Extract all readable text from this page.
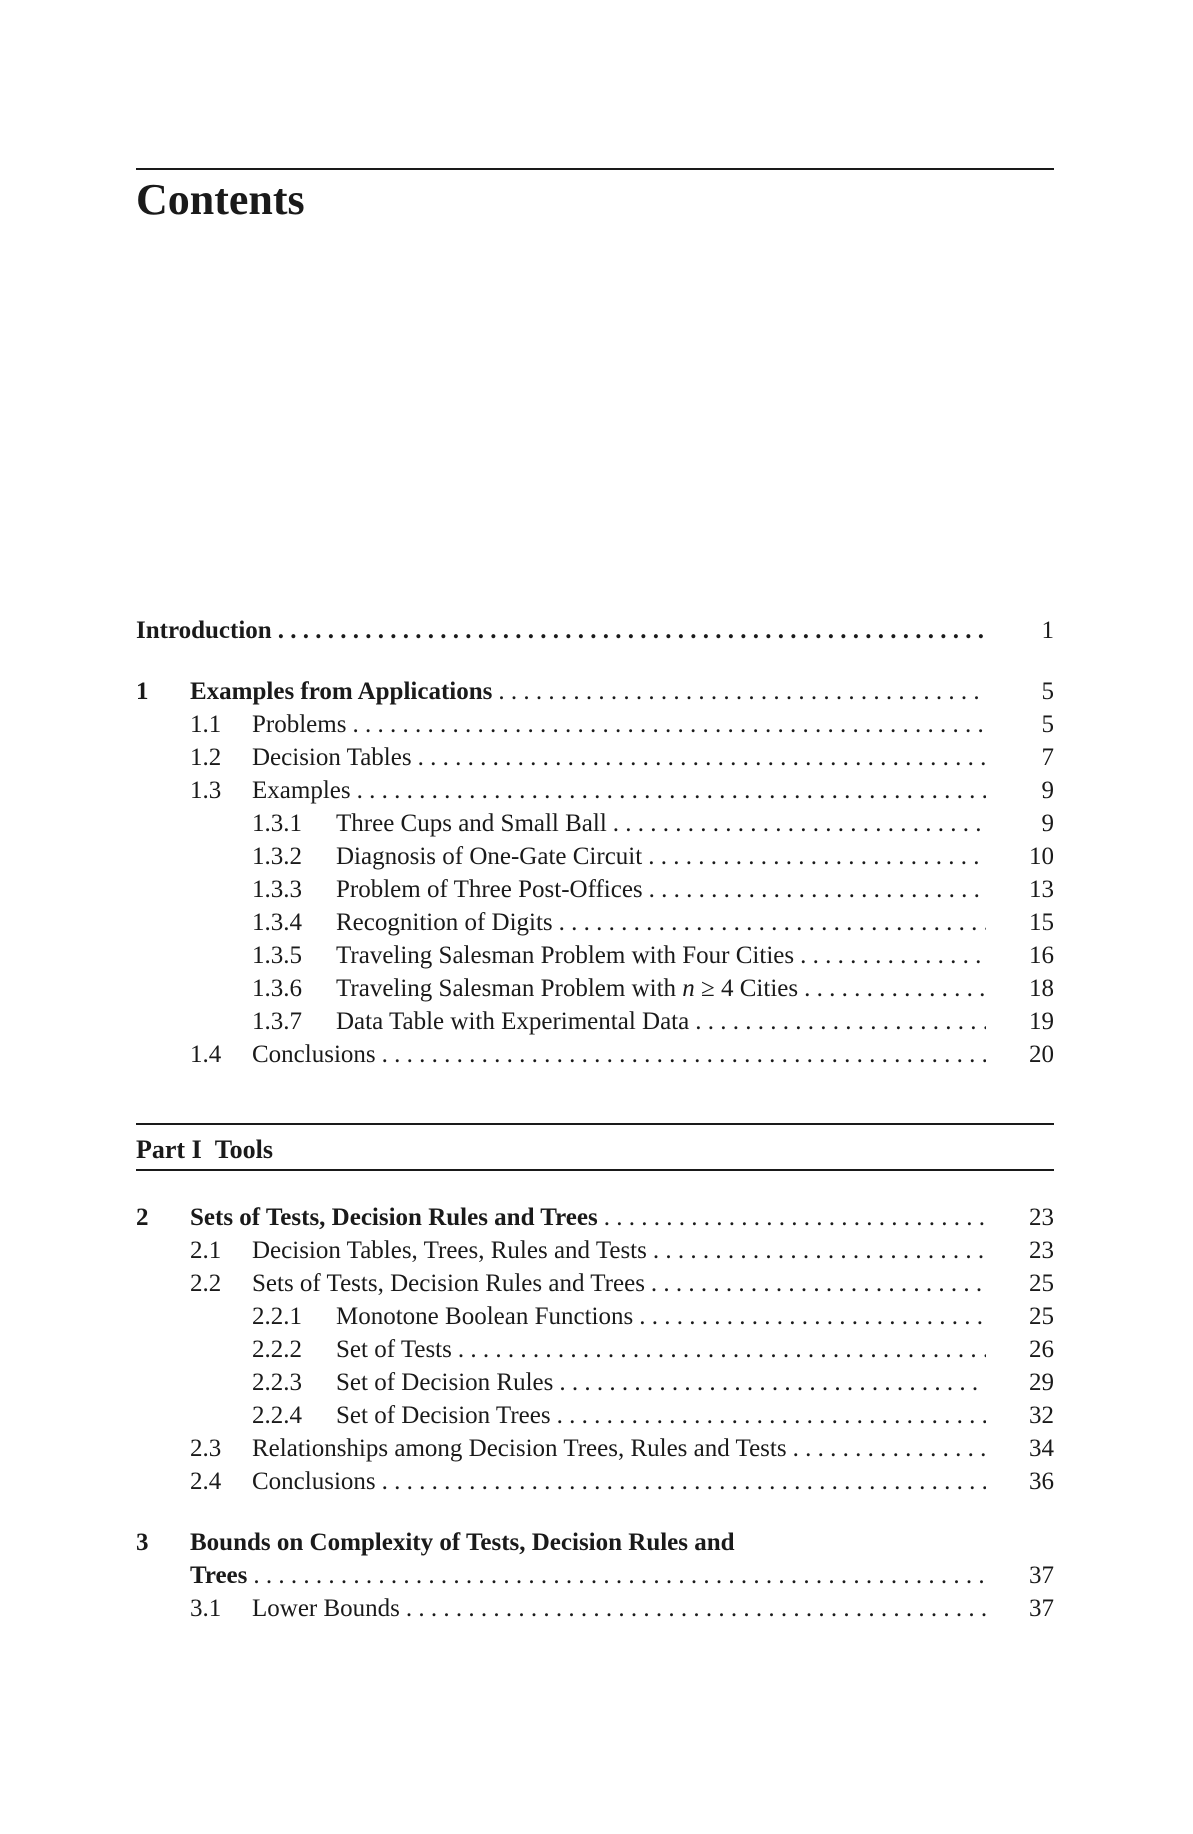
Contents
Introduction . . .	1
1 Examples from Applications . . .	5
1.1 Problems . . .	5
1.2 Decision Tables . . .	7
1.3 Examples . . .	9
1.3.1 Three Cups and Small Ball . . .	9
1.3.2 Diagnosis of One-Gate Circuit . . .	10
1.3.3 Problem of Three Post-Offices . . .	13
1.3.4 Recognition of Digits . . .	15
1.3.5 Traveling Salesman Problem with Four Cities . . .	16
1.3.6 Traveling Salesman Problem with n ≥ 4 Cities . . .	18
1.3.7 Data Table with Experimental Data . . .	19
1.4 Conclusions . . .	20
Part I Tools
2 Sets of Tests, Decision Rules and Trees . . .	23
2.1 Decision Tables, Trees, Rules and Tests . . .	23
2.2 Sets of Tests, Decision Rules and Trees . . .	25
2.2.1 Monotone Boolean Functions . . .	25
2.2.2 Set of Tests . . .	26
2.2.3 Set of Decision Rules . . .	29
2.2.4 Set of Decision Trees . . .	32
2.3 Relationships among Decision Trees, Rules and Tests . . .	34
2.4 Conclusions . . .	36
3 Bounds on Complexity of Tests, Decision Rules and
Trees . . .	37
3.1 Lower Bounds . . .	37
